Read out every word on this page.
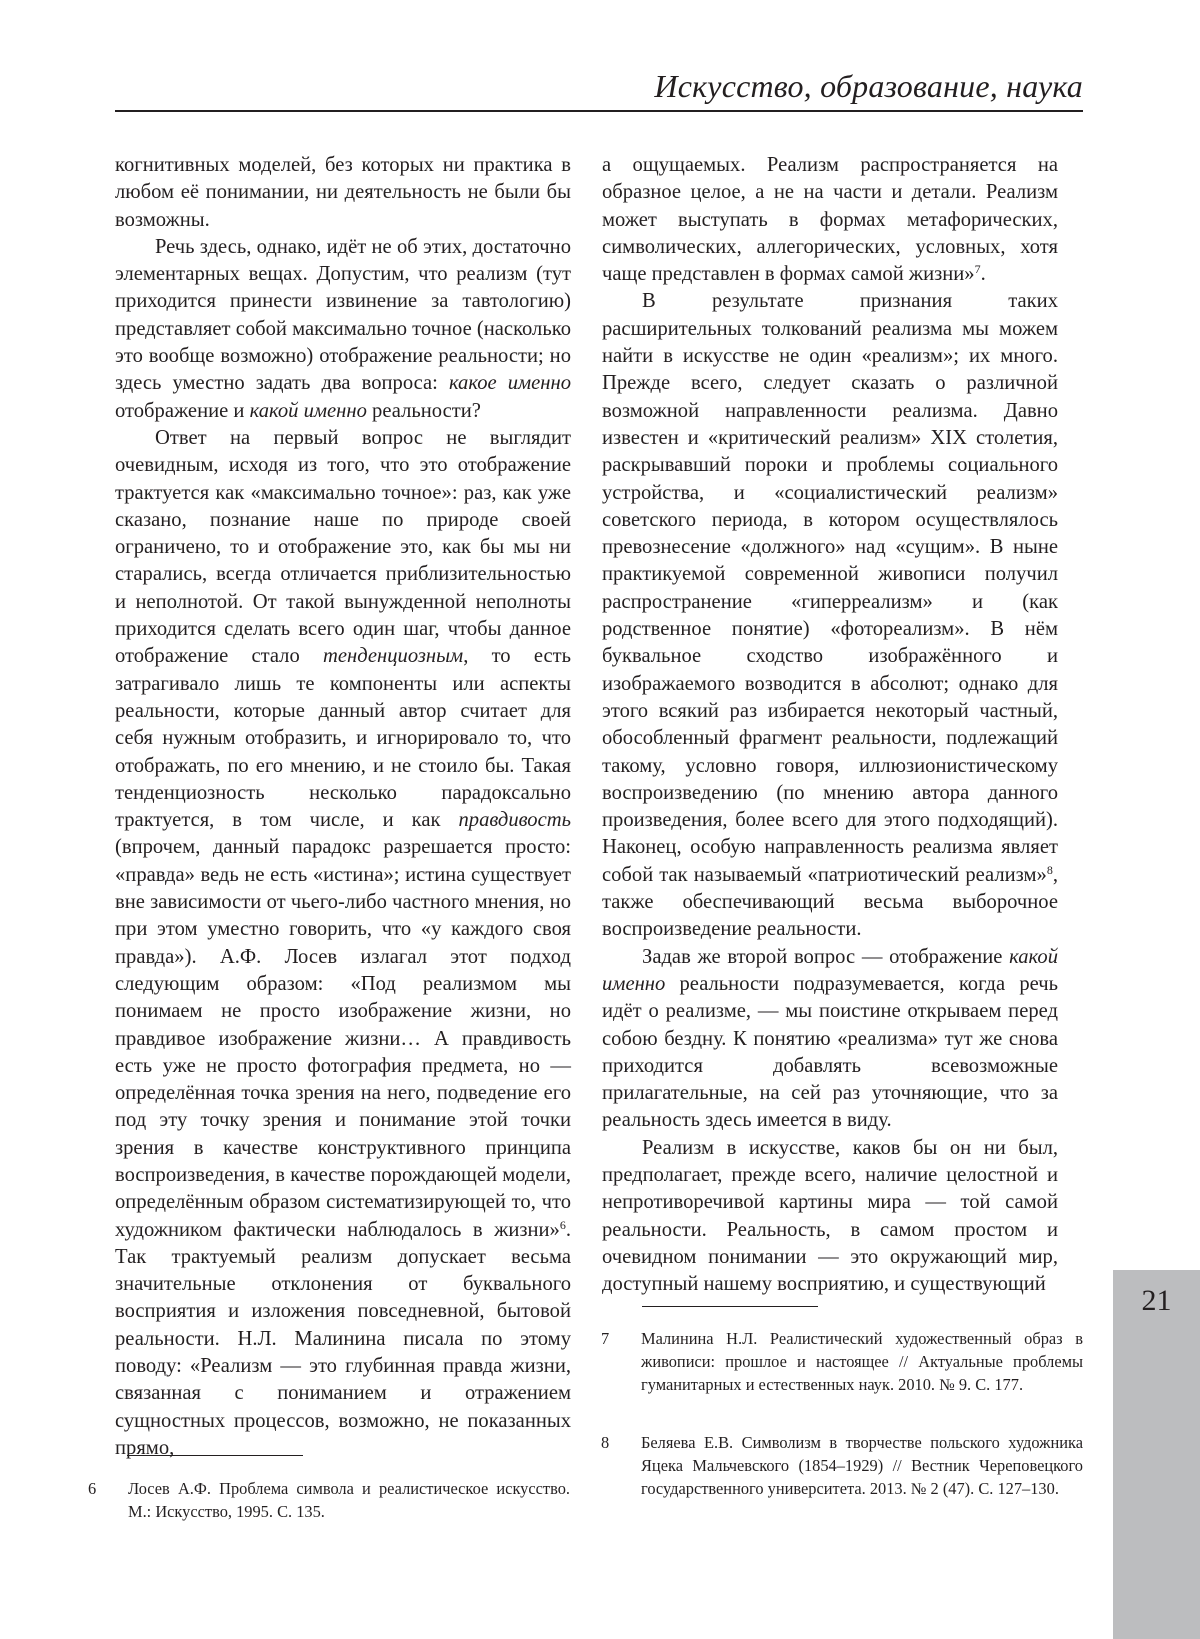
Искусство, образование, наука

когнитивных моделей, без которых ни практика в любом её понимании, ни деятельность не были бы возможны.

Речь здесь, однако, идёт не об этих, достаточно элементарных вещах. Допустим, что реализм (тут приходится принести извинение за тавтологию) представляет собой максимально точное (насколько это вообще возможно) отображение реальности; но здесь уместно задать два вопроса: какое именно отображение и какой именно реальности?

Ответ на первый вопрос не выглядит очевидным, исходя из того, что это отображение трактуется как «максимально точное»: раз, как уже сказано, познание наше по природе своей ограничено, то и отображение это, как бы мы ни старались, всегда отличается приблизительностью и неполнотой. От такой вынужденной неполноты приходится сделать всего один шаг, чтобы данное отображение стало тенденциозным, то есть затрагивало лишь те компоненты или аспекты реальности, которые данный автор считает для себя нужным отобразить, и игнорировало то, что отображать, по его мнению, и не стоило бы. Такая тенденциозность несколько парадоксально трактуется, в том числе, и как правдивость (впрочем, данный парадокс разрешается просто: «правда» ведь не есть «истина»; истина существует вне зависимости от чьего-либо частного мнения, но при этом уместно говорить, что «у каждого своя правда»). А.Ф. Лосев излагал этот подход следующим образом: «Под реализмом мы понимаем не просто изображение жизни, но правдивое изображение жизни… А правдивость есть уже не просто фотография предмета, но — определённая точка зрения на него, подведение его под эту точку зрения и понимание этой точки зрения в качестве конструктивного принципа воспроизведения, в качестве порождающей модели, определённым образом систематизирующей то, что художником фактически наблюдалось в жизни»$^6$. Так трактуемый реализм допускает весьма значительные отклонения от буквального восприятия и изложения повседневной, бытовой реальности. Н.Л. Малинина писала по этому поводу: «Реализм — это глубинная правда жизни, связанная с пониманием и отражением сущностных процессов, возможно, не показанных прямо,

а ощущаемых. Реализм распространяется на образное целое, а не на части и детали. Реализм может выступать в формах метафорических, символических, аллегорических, условных, хотя чаще представлен в формах самой жизни»$^7$.

В результате признания таких расширительных толкований реализма мы можем найти в искусстве не один «реализм»; их много. Прежде всего, следует сказать о различной возможной направленности реализма. Давно известен и «критический реализм» XIX столетия, раскрывавший пороки и проблемы социального устройства, и «социалистический реализм» советского периода, в котором осуществлялось превознесение «должного» над «сущим». В ныне практикуемой современной живописи получил распространение «гиперреализм» и (как родственное понятие) «фотореализм». В нём буквальное сходство изображённого и изображаемого возводится в абсолют; однако для этого всякий раз избирается некоторый частный, обособленный фрагмент реальности, подлежащий такому, условно говоря, иллюзионистическому воспроизведению (по мнению автора данного произведения, более всего для этого подходящий). Наконец, особую направленность реализма являет собой так называемый «патриотический реализм»$^8$, также обеспечивающий весьма выборочное воспроизведение реальности.

Задав же второй вопрос — отображение какой именно реальности подразумевается, когда речь идёт о реализме, — мы поистине открываем перед собою бездну. К понятию «реализма» тут же снова приходится добавлять всевозможные прилагательные, на сей раз уточняющие, что за реальность здесь имеется в виду.

Реализм в искусстве, каков бы он ни был, предполагает, прежде всего, наличие целостной и непротиворечивой картины мира — той самой реальности. Реальность, в самом простом и очевидном понимании — это окружающий мир, доступный нашему восприятию, и существующий

6 Лосев А.Ф. Проблема символа и реалистическое искусство. М.: Искусство, 1995. С. 135.
7 Малинина Н.Л. Реалистический художественный образ в живописи: прошлое и настоящее // Актуальные проблемы гуманитарных и естественных наук. 2010. № 9. С. 177.
8 Беляева Е.В. Символизм в творчестве польского художника Яцека Мальчевского (1854–1929) // Вестник Череповецкого государственного университета. 2013. № 2 (47). С. 127–130.
21
